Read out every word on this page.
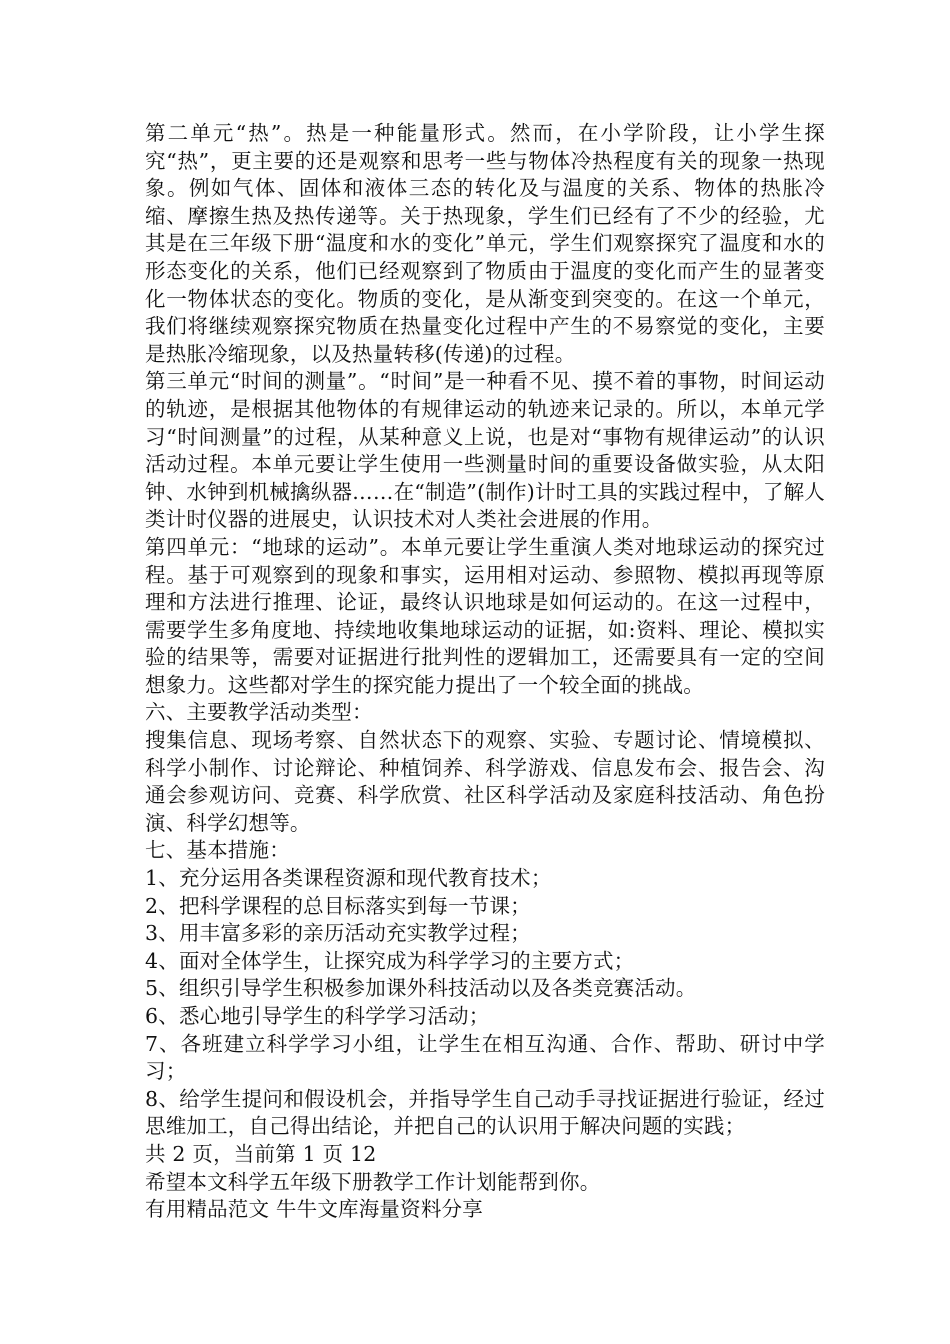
第二单元“热”。热是一种能量形式。然而，在小学阶段，让小学生探究“热”，更主要的还是观察和思考一些与物体冷热程度有关的现象一热现象。例如气体、固体和液体三态的转化及与温度的关系、物体的热胀冷缩、摩擦生热及热传递等。关于热现象，学生们已经有了不少的经验，尤其是在三年级下册“温度和水的变化”单元，学生们观察探究了温度和水的形态变化的关系，他们已经观察到了物质由于温度的变化而产生的显著变化一物体状态的变化。物质的变化，是从渐变到突变的。在这一个单元，我们将继续观察探究物质在热量变化过程中产生的不易察觉的变化，主要是热胀冷缩现象，以及热量转移(传递)的过程。

第三单元“时间的测量”。“时间”是一种看不见、摸不着的事物，时间运动的轨迹，是根据其他物体的有规律运动的轨迹来记录的。所以，本单元学习“时间测量”的过程，从某种意义上说，也是对“事物有规律运动”的认识活动过程。本单元要让学生使用一些测量时间的重要设备做实验，从太阳钟、水钟到机械擒纵器……在“制造”(制作)计时工具的实践过程中，了解人类计时仪器的进展史，认识技术对人类社会进展的作用。

第四单元：“地球的运动”。本单元要让学生重演人类对地球运动的探究过程。基于可观察到的现象和事实，运用相对运动、参照物、模拟再现等原理和方法进行推理、论证，最终认识地球是如何运动的。在这一过程中，需要学生多角度地、持续地收集地球运动的证据，如:资料、理论、模拟实验的结果等，需要对证据进行批判性的逻辑加工，还需要具有一定的空间想象力。这些都对学生的探究能力提出了一个较全面的挑战。

六、主要教学活动类型：

搜集信息、现场考察、自然状态下的观察、实验、专题讨论、情境模拟、科学小制作、讨论辩论、种植饲养、科学游戏、信息发布会、报告会、沟通会参观访问、竞赛、科学欣赏、社区科学活动及家庭科技活动、角色扮演、科学幻想等。

七、基本措施：

1、充分运用各类课程资源和现代教育技术；

2、把科学课程的总目标落实到每一节课；

3、用丰富多彩的亲历活动充实教学过程；

4、面对全体学生，让探究成为科学学习的主要方式；

5、组织引导学生积极参加课外科技活动以及各类竞赛活动。

6、悉心地引导学生的科学学习活动；

7、各班建立科学学习小组，让学生在相互沟通、合作、帮助、研讨中学习；

8、给学生提问和假设机会，并指导学生自己动手寻找证据进行验证，经过思维加工，自己得出结论，并把自己的认识用于解决问题的实践；

共 2 页，当前第 1 页 12

希望本文科学五年级下册教学工作计划能帮到你。

有用精品范文 牛牛文库海量资料分享
